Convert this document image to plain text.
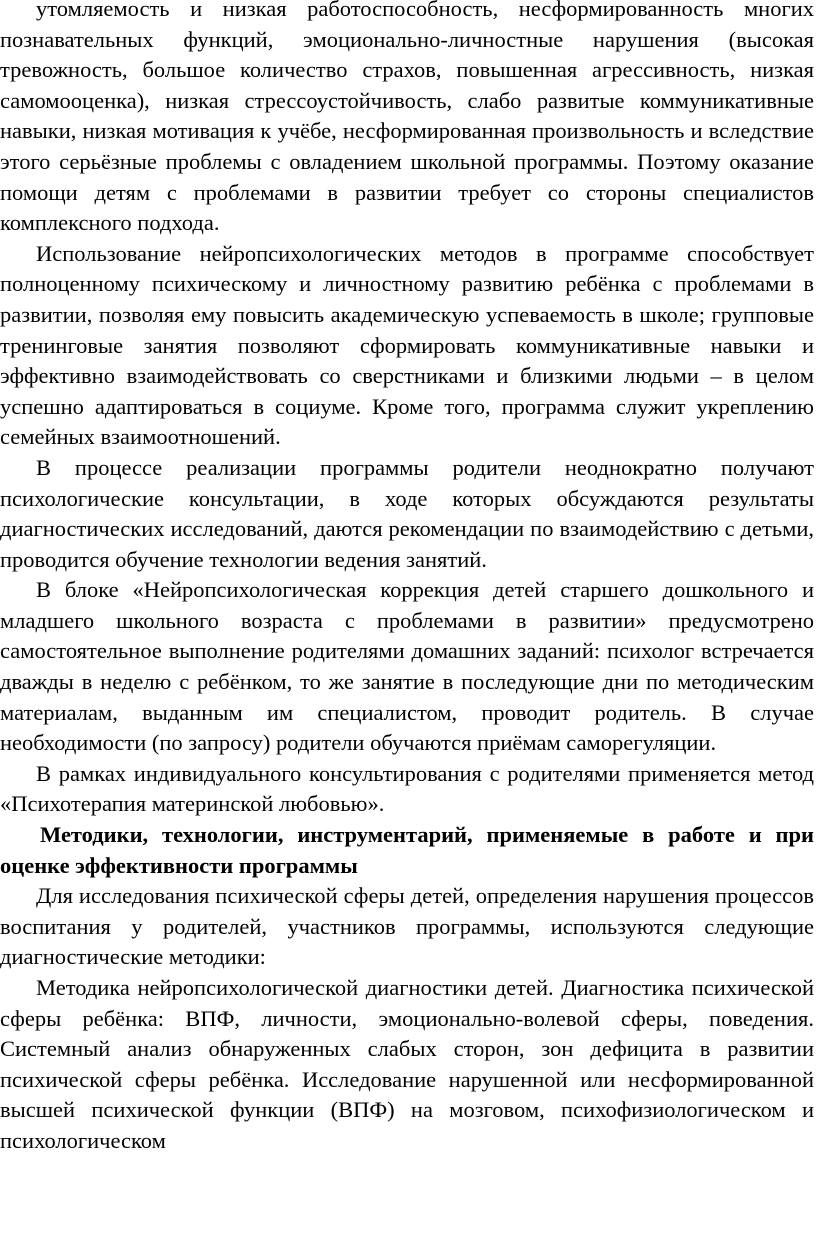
утомляемость и низкая работоспособность, несформированность многих познавательных функций, эмоционально-личностные нарушения (высокая тревожность, большое количество страхов, повышенная агрессивность, низкая самомооценка), низкая стрессоустойчивость, слабо развитые коммуникативные навыки, низкая мотивация к учёбе, несформированная произвольность и вследствие этого серьёзные проблемы с овладением школьной программы. Поэтому оказание помощи детям с проблемами в развитии требует со стороны специалистов комплексного подхода.

Использование нейропсихологических методов в программе способствует полноценному психическому и личностному развитию ребёнка с проблемами в развитии, позволяя ему повысить академическую успеваемость в школе; групповые тренинговые занятия позволяют сформировать коммуникативные навыки и эффективно взаимодействовать со сверстниками и близкими людьми – в целом успешно адаптироваться в социуме. Кроме того, программа служит укреплению семейных взаимоотношений.

В процессе реализации программы родители неоднократно получают психологические консультации, в ходе которых обсуждаются результаты диагностических исследований, даются рекомендации по взаимодействию с детьми, проводится обучение технологии ведения занятий.

В блоке «Нейропсихологическая коррекция детей старшего дошкольного и младшего школьного возраста с проблемами в развитии» предусмотрено самостоятельное выполнение родителями домашних заданий: психолог встречается дважды в неделю с ребёнком, то же занятие в последующие дни по методическим материалам, выданным им специалистом, проводит родитель. В случае необходимости (по запросу) родители обучаются приёмам саморегуляции.

В рамках индивидуального консультирования с родителями применяется метод «Психотерапия материнской любовью».

Методики, технологии, инструментарий, применяемые в работе и при оценке эффективности программы

Для исследования психической сферы детей, определения нарушения процессов воспитания у родителей, участников программы, используются следующие диагностические методики:

Методика нейропсихологической диагностики детей. Диагностика психической сферы ребёнка: ВПФ, личности, эмоционально-волевой сферы, поведения. Системный анализ обнаруженных слабых сторон, зон дефицита в развитии психической сферы ребёнка. Исследование нарушенной или несформированной высшей психической функции (ВПФ) на мозговом, психофизиологическом и психологическом
